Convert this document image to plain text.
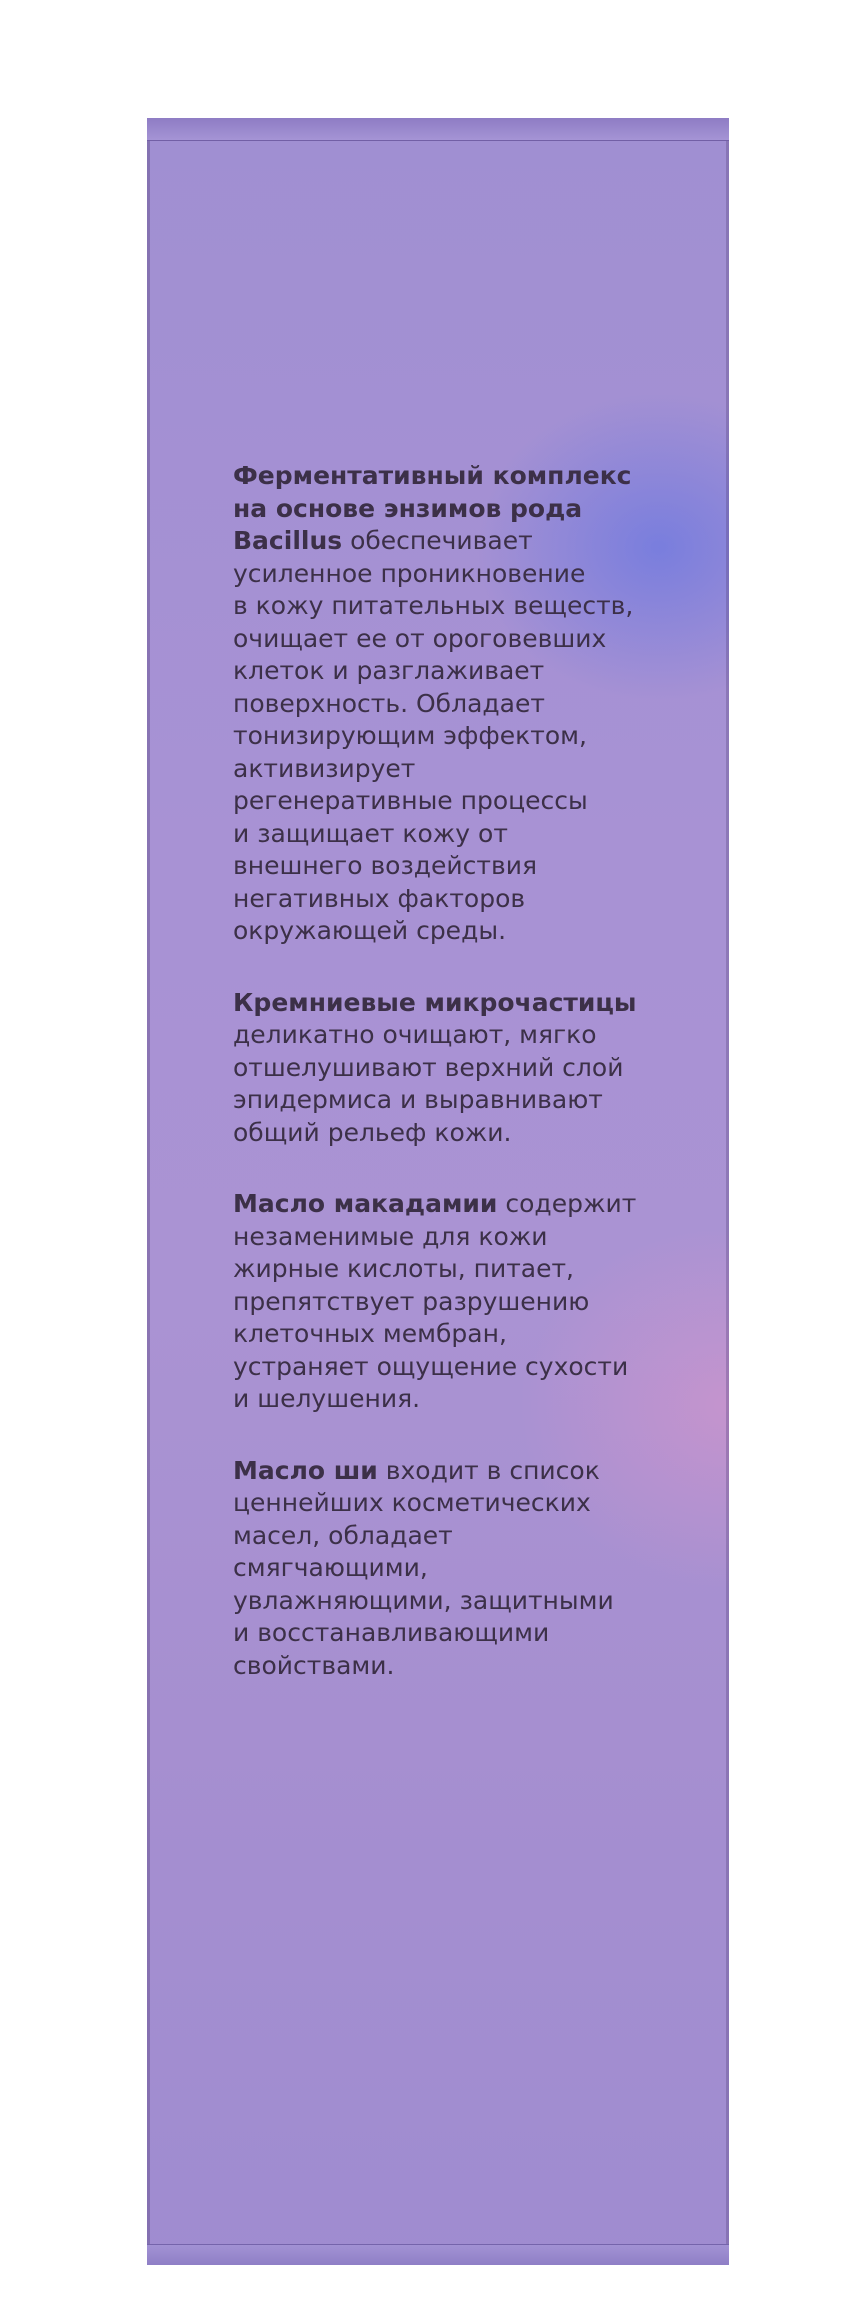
Ферментативный комплекс
на основе энзимов рода
Bacillus обеспечивает
усиленное проникновение
в кожу питательных веществ,
очищает ее от ороговевших
клеток и разглаживает
поверхность. Обладает
тонизирующим эффектом,
активизирует
регенеративные процессы
и защищает кожу от
внешнего воздействия
негативных факторов
окружающей среды.

Кремниевые микрочастицы
деликатно очищают, мягко
отшелушивают верхний слой
эпидермиса и выравнивают
общий рельеф кожи.

Масло макадамии содержит
незаменимые для кожи
жирные кислоты, питает,
препятствует разрушению
клеточных мембран,
устраняет ощущение сухости
и шелушения.

Масло ши входит в список
ценнейших косметических
масел, обладает
смягчающими,
увлажняющими, защитными
и восстанавливающими
свойствами.
